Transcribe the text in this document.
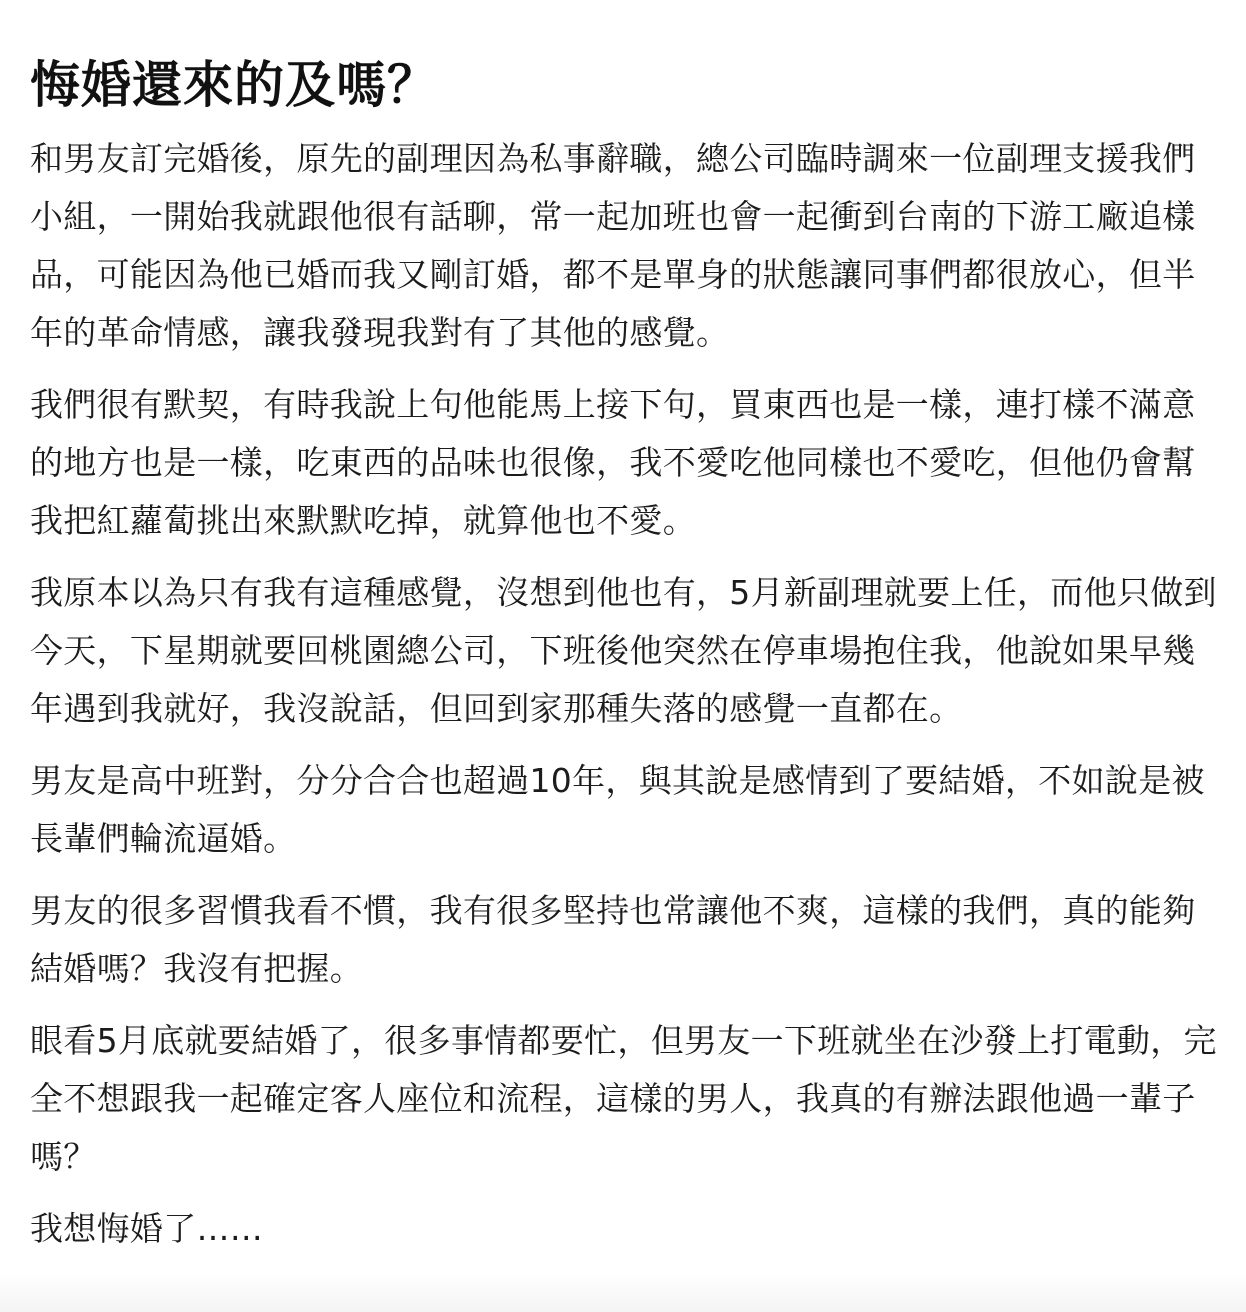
悔婚還來的及嗎？

和男友訂完婚後，原先的副理因為私事辭職，總公司臨時調來一位副理支援我們小組，一開始我就跟他很有話聊，常一起加班也會一起衝到台南的下游工廠追樣品，可能因為他已婚而我又剛訂婚，都不是單身的狀態讓同事們都很放心，但半年的革命情感，讓我發現我對有了其他的感覺。

我們很有默契，有時我說上句他能馬上接下句，買東西也是一樣，連打樣不滿意的地方也是一樣，吃東西的品味也很像，我不愛吃他同樣也不愛吃，但他仍會幫我把紅蘿蔔挑出來默默吃掉，就算他也不愛。

我原本以為只有我有這種感覺，沒想到他也有，5月新副理就要上任，而他只做到今天，下星期就要回桃園總公司，下班後他突然在停車場抱住我，他說如果早幾年遇到我就好，我沒說話，但回到家那種失落的感覺一直都在。

男友是高中班對，分分合合也超過10年，與其說是感情到了要結婚，不如說是被長輩們輪流逼婚。

男友的很多習慣我看不慣，我有很多堅持也常讓他不爽，這樣的我們，真的能夠結婚嗎？我沒有把握。

眼看5月底就要結婚了，很多事情都要忙，但男友一下班就坐在沙發上打電動，完全不想跟我一起確定客人座位和流程，這樣的男人，我真的有辦法跟他過一輩子嗎？

我想悔婚了……
